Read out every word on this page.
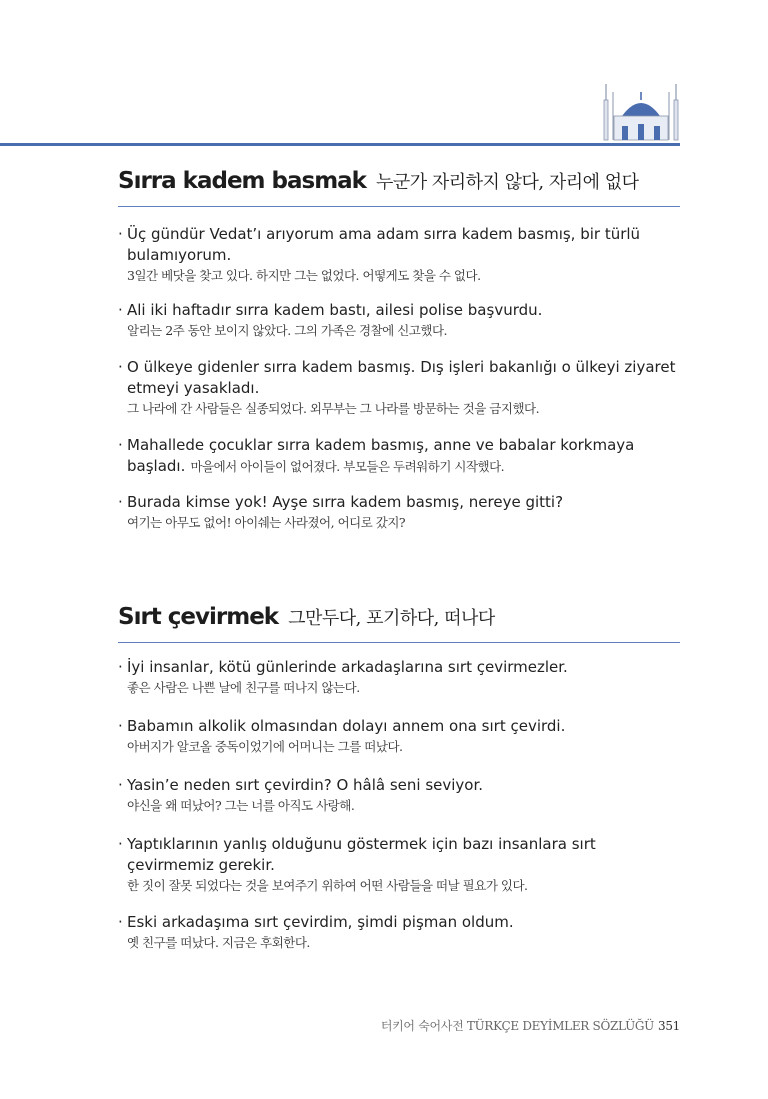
Sırra kadem basmak 누군가 자리하지 않다, 자리에 없다
· Üç gündür Vedat’ı arıyorum ama adam sırra kadem basmış, bir türlü bulamıyorum.
3일간 베닷을 찾고 있다. 하지만 그는 없었다. 어떻게도 찾을 수 없다.
· Ali iki haftadır sırra kadem bastı, ailesi polise başvurdu.
알리는 2주 동안 보이지 않았다. 그의 가족은 경찰에 신고했다.
· O ülkeye gidenler sırra kadem basmış. Dış işleri bakanlığı o ülkeyi ziyaret etmeyi yasakladı.
그 나라에 간 사람들은 실종되었다. 외무부는 그 나라를 방문하는 것을 금지했다.
· Mahallede çocuklar sırra kadem basmış, anne ve babalar korkmaya başladı. 마을에서 아이들이 없어졌다. 부모들은 두려워하기 시작했다.
· Burada kimse yok! Ayşe sırra kadem basmış, nereye gitti?
여기는 아무도 없어! 아이쉐는 사라졌어, 어디로 갔지?
Sırt çevirmek 그만두다, 포기하다, 떠나다
· İyi insanlar, kötü günlerinde arkadaşlarına sırt çevirmezler.
좋은 사람은 나쁜 날에 친구를 떠나지 않는다.
· Babamın alkolik olmasından dolayı annem ona sırt çevirdi.
아버지가 알코올 중독이었기에 어머니는 그를 떠났다.
· Yasin’e neden sırt çevirdin? O hâlâ seni seviyor.
야신을 왜 떠났어? 그는 너를 아직도 사랑해.
· Yaptıklarının yanlış olduğunu göstermek için bazı insanlara sırt çevirmemiz gerekir.
한 짓이 잘못 되었다는 것을 보여주기 위하여 어떤 사람들을 떠날 필요가 있다.
· Eski arkadaşıma sırt çevirdim, şimdi pişman oldum.
옛 친구를 떠났다. 지금은 후회한다.
터키어 숙어사전 TÜRKÇE DEYİMLER SÖZLÜĞÜ 351
